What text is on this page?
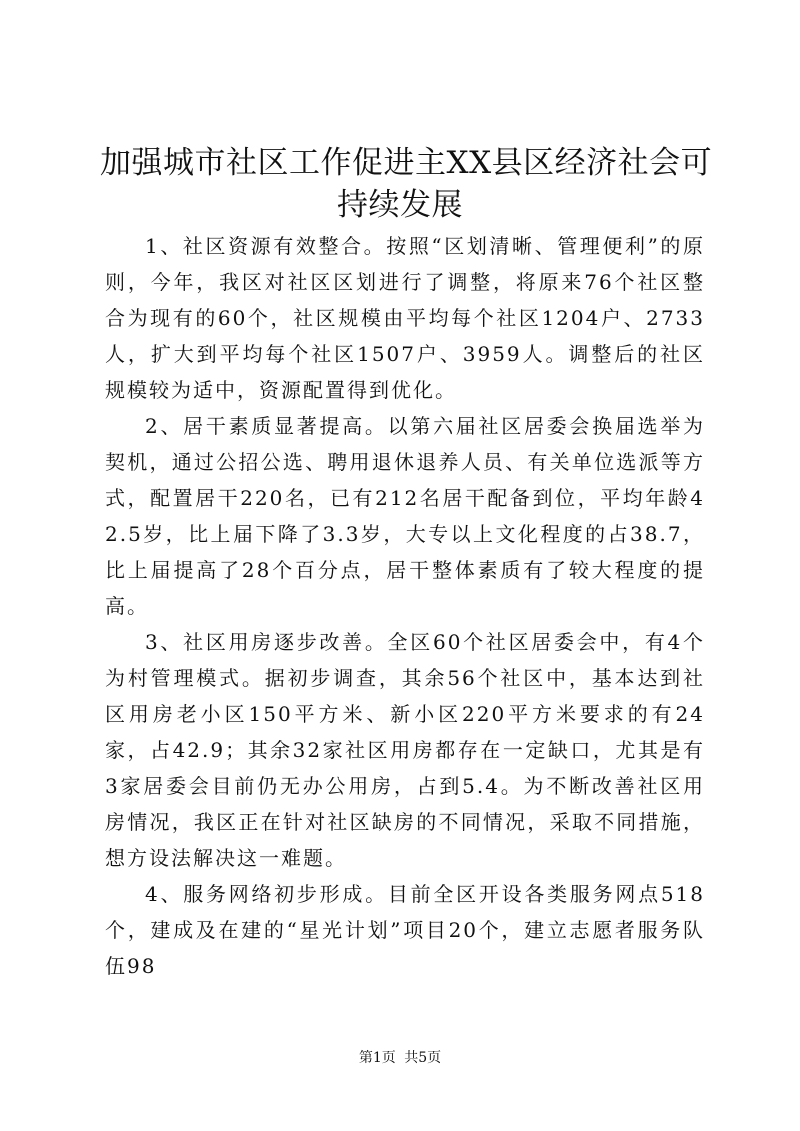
加强城市社区工作促进主XX县区经济社会可
持续发展

1、社区资源有效整合。按照“区划清晰、管理便利”的原则，今年，我区对社区区划进行了调整，将原来76个社区整合为现有的60个，社区规模由平均每个社区1204户、2733人，扩大到平均每个社区1507户、3959人。调整后的社区规模较为适中，资源配置得到优化。

2、居干素质显著提高。以第六届社区居委会换届选举为契机，通过公招公选、聘用退休退养人员、有关单位选派等方式，配置居干220名，已有212名居干配备到位，平均年龄42.5岁，比上届下降了3.3岁，大专以上文化程度的占38.7，比上届提高了28个百分点，居干整体素质有了较大程度的提高。

3、社区用房逐步改善。全区60个社区居委会中，有4个为村管理模式。据初步调查，其余56个社区中，基本达到社区用房老小区150平方米、新小区220平方米要求的有24家，占42.9；其余32家社区用房都存在一定缺口，尤其是有3家居委会目前仍无办公用房，占到5.4。为不断改善社区用房情况，我区正在针对社区缺房的不同情况，采取不同措施，想方设法解决这一难题。

4、服务网络初步形成。目前全区开设各类服务网点518个，建成及在建的“星光计划”项目20个，建立志愿者服务队伍98

第1页 共5页
